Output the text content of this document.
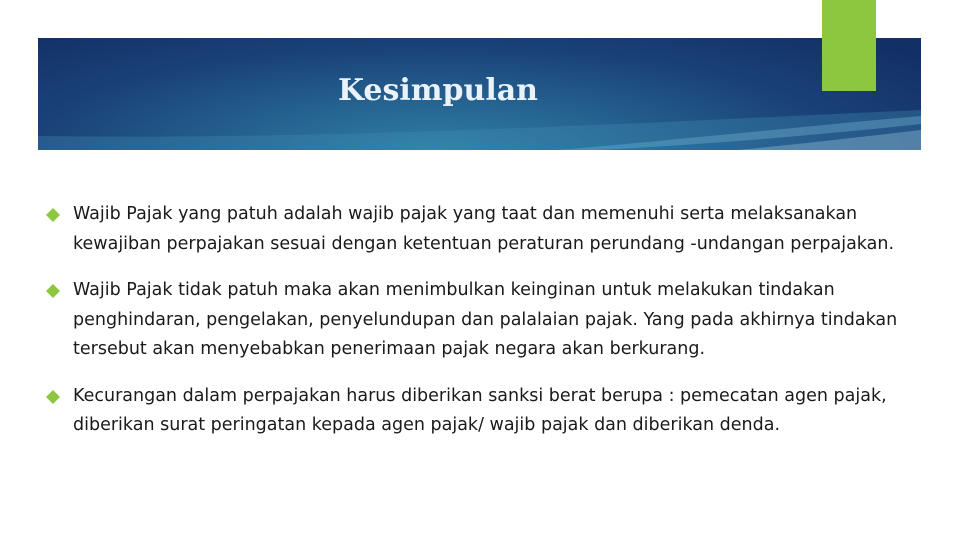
Kesimpulan
Wajib Pajak yang patuh adalah wajib pajak yang taat dan memenuhi serta melaksanakan kewajiban perpajakan sesuai dengan ketentuan peraturan perundang -undangan perpajakan.
Wajib Pajak tidak patuh maka akan menimbulkan keinginan untuk melakukan tindakan penghindaran, pengelakan, penyelundupan dan palalaian pajak. Yang pada akhirnya tindakan tersebut akan menyebabkan penerimaan pajak negara akan berkurang.
Kecurangan dalam perpajakan harus diberikan sanksi berat berupa : pemecatan agen pajak, diberikan surat peringatan kepada agen pajak/ wajib pajak dan diberikan denda.
